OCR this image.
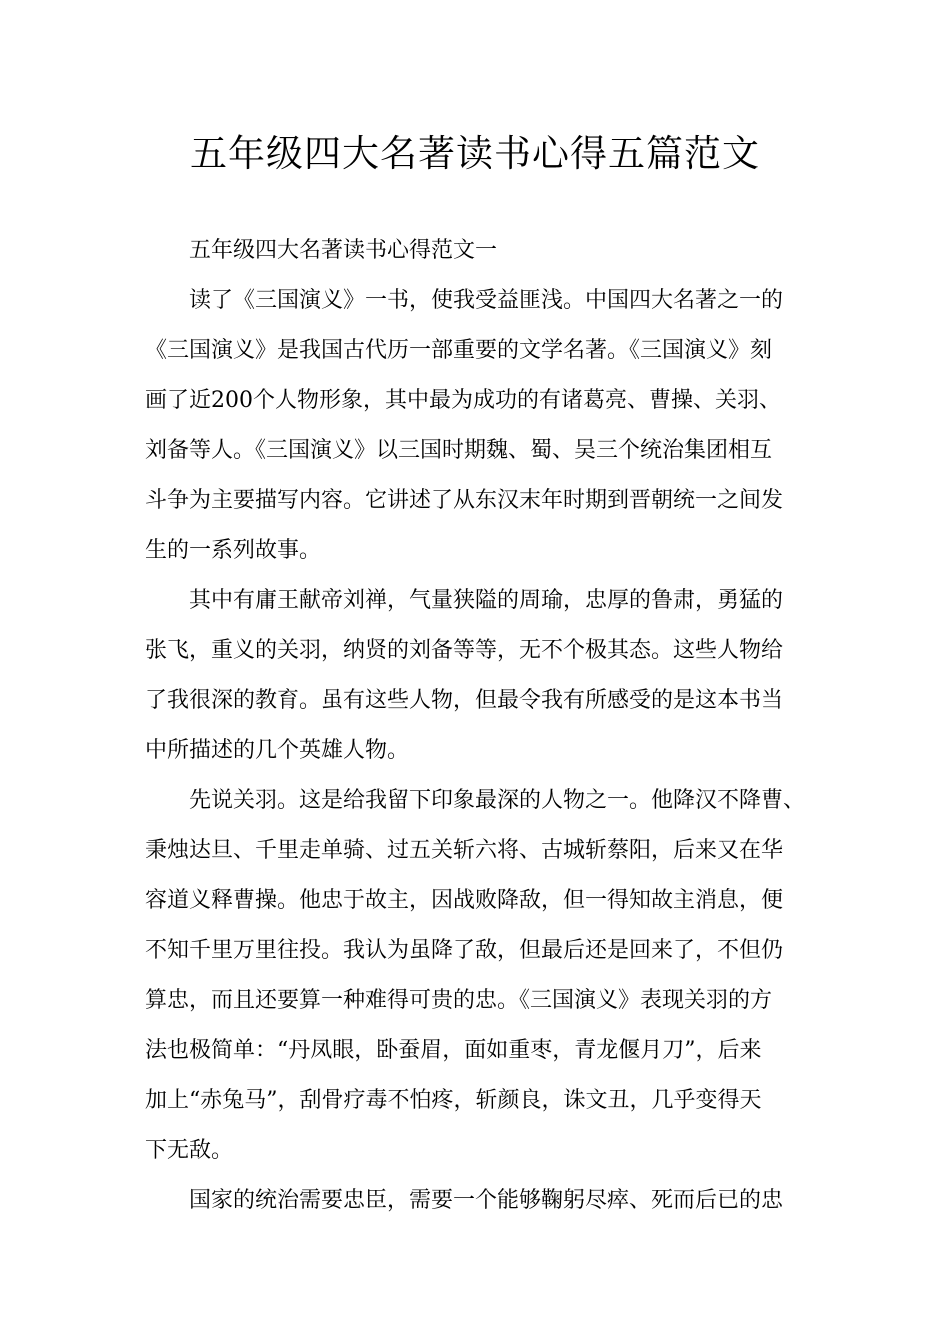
五年级四大名著读书心得五篇范文

五年级四大名著读书心得范文一

读了《三国演义》一书，使我受益匪浅。中国四大名著之一的

《三国演义》是我国古代历一部重要的文学名著。《三国演义》刻

画了近200个人物形象，其中最为成功的有诸葛亮、曹操、关羽、

刘备等人。《三国演义》以三国时期魏、蜀、吴三个统治集团相互

斗争为主要描写内容。它讲述了从东汉末年时期到晋朝统一之间发

生的一系列故事。

其中有庸王献帝刘禅，气量狭隘的周瑜，忠厚的鲁肃，勇猛的

张飞，重义的关羽，纳贤的刘备等等，无不个极其态。这些人物给

了我很深的教育。虽有这些人物，但最令我有所感受的是这本书当

中所描述的几个英雄人物。

先说关羽。这是给我留下印象最深的人物之一。他降汉不降曹、

秉烛达旦、千里走单骑、过五关斩六将、古城斩蔡阳，后来又在华

容道义释曹操。他忠于故主，因战败降敌，但一得知故主消息，便

不知千里万里往投。我认为虽降了敌，但最后还是回来了，不但仍

算忠，而且还要算一种难得可贵的忠。《三国演义》表现关羽的方

法也极简单：“丹凤眼，卧蚕眉，面如重枣，青龙偃月刀”，后来

加上“赤兔马”，刮骨疗毒不怕疼，斩颜良，诛文丑，几乎变得天

下无敌。

国家的统治需要忠臣，需要一个能够鞠躬尽瘁、死而后已的忠
